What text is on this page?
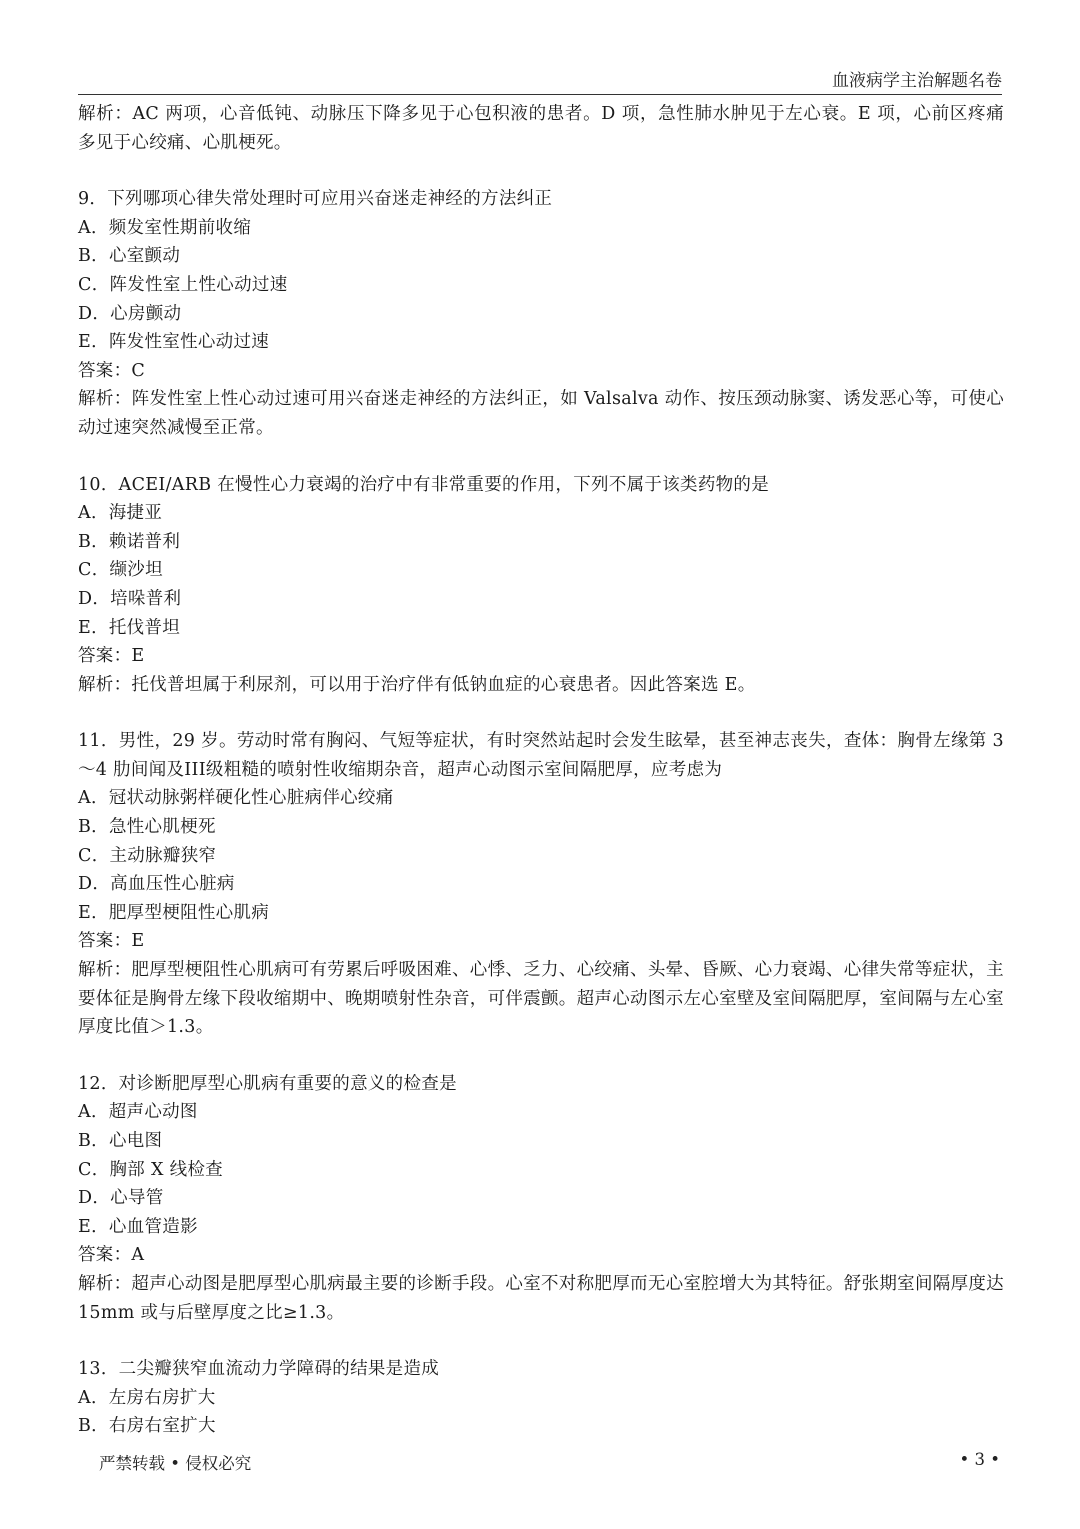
血液病学主治解题名卷

解析：AC 两项，心音低钝、动脉压下降多见于心包积液的患者。D 项，急性肺水肿见于左心衰。E 项，心前区疼痛多见于心绞痛、心肌梗死。

9．下列哪项心律失常处理时可应用兴奋迷走神经的方法纠正

A．频发室性期前收缩

B．心室颤动

C．阵发性室上性心动过速

D．心房颤动

E．阵发性室性心动过速

答案：C

解析：阵发性室上性心动过速可用兴奋迷走神经的方法纠正，如 Valsalva 动作、按压颈动脉窦、诱发恶心等，可使心动过速突然减慢至正常。

10．ACEI/ARB 在慢性心力衰竭的治疗中有非常重要的作用，下列不属于该类药物的是

A．海捷亚

B．赖诺普利

C．缬沙坦

D．培哚普利

E．托伐普坦

答案：E

解析：托伐普坦属于利尿剂，可以用于治疗伴有低钠血症的心衰患者。因此答案选 E。

11．男性，29 岁。劳动时常有胸闷、气短等症状，有时突然站起时会发生眩晕，甚至神志丧失，查体：胸骨左缘第 3～4 肋间闻及III级粗糙的喷射性收缩期杂音，超声心动图示室间隔肥厚，应考虑为

A．冠状动脉粥样硬化性心脏病伴心绞痛

B．急性心肌梗死

C．主动脉瓣狭窄

D．高血压性心脏病

E．肥厚型梗阻性心肌病

答案：E

解析：肥厚型梗阻性心肌病可有劳累后呼吸困难、心悸、乏力、心绞痛、头晕、昏厥、心力衰竭、心律失常等症状，主要体征是胸骨左缘下段收缩期中、晚期喷射性杂音，可伴震颤。超声心动图示左心室壁及室间隔肥厚，室间隔与左心室厚度比值＞1.3。

12．对诊断肥厚型心肌病有重要的意义的检查是

A．超声心动图

B．心电图

C．胸部 X 线检查

D．心导管

E．心血管造影

答案：A

解析：超声心动图是肥厚型心肌病最主要的诊断手段。心室不对称肥厚而无心室腔增大为其特征。舒张期室间隔厚度达 15mm 或与后壁厚度之比≥1.3。

13．二尖瓣狭窄血流动力学障碍的结果是造成

A．左房右房扩大

B．右房右室扩大

严禁转载 • 侵权必究	• 3 •
